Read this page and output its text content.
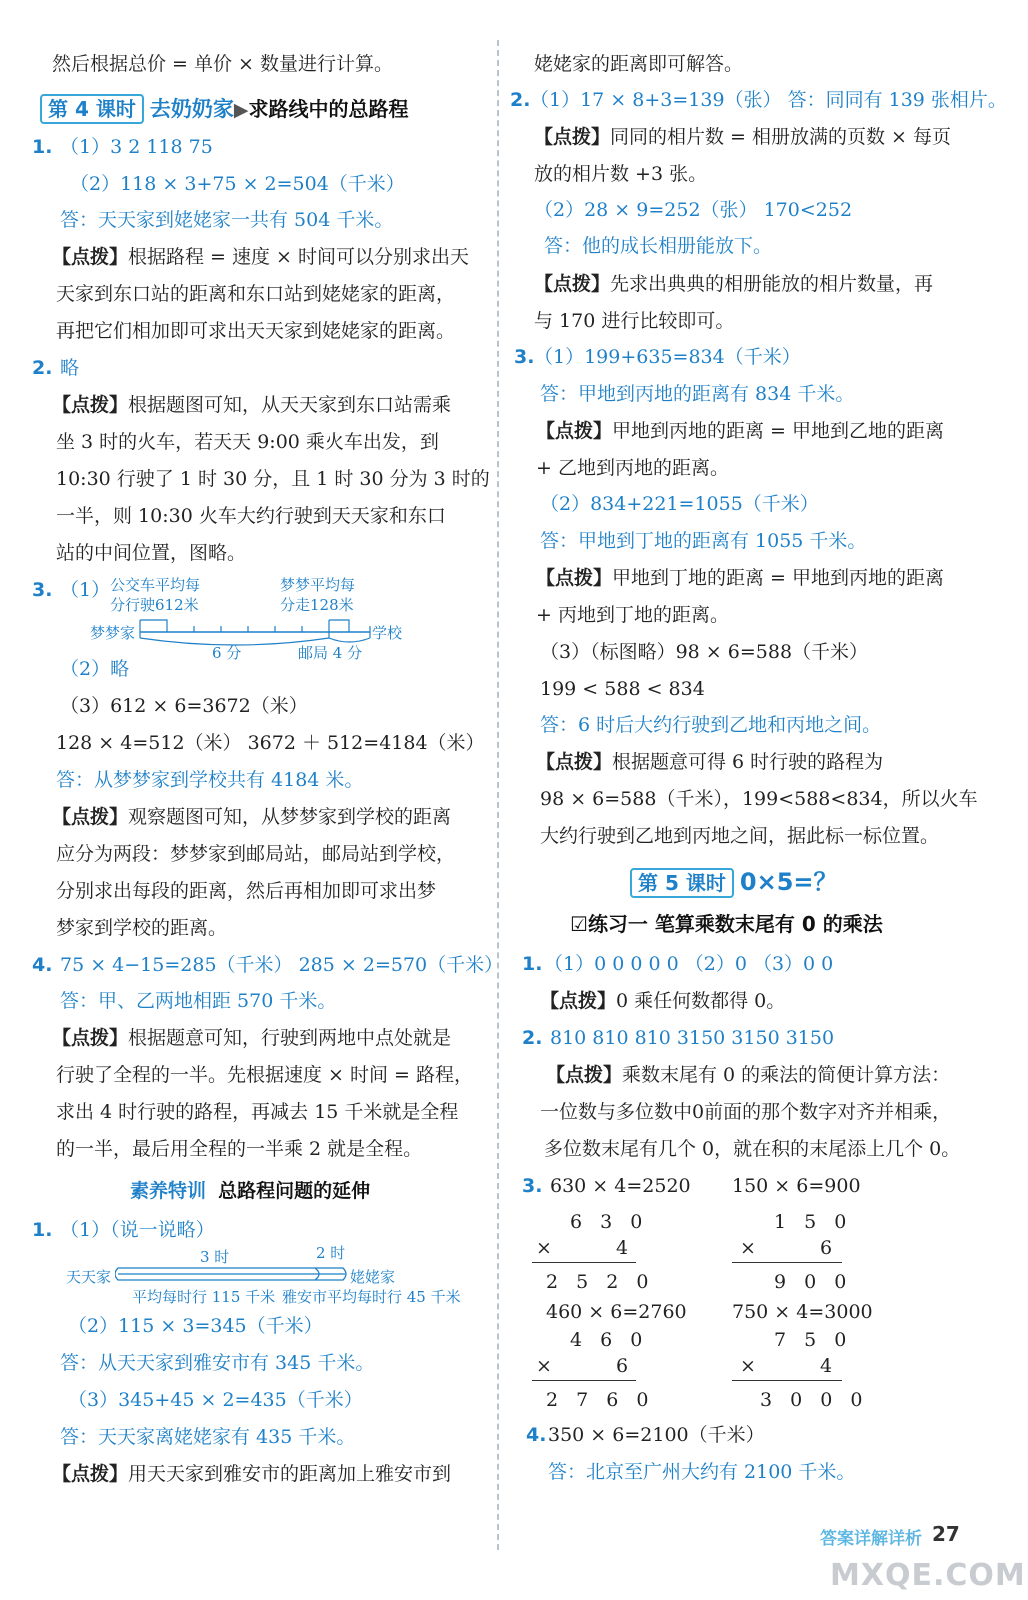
然后根据总价 = 单价 × 数量进行计算。
第 4 课时 去奶奶家▶求路线中的总路程
1. （1）3 2 118 75
（2）118 × 3+75 × 2=504（千米）
答：天天家到姥姥家一共有 504 千米。
【点拨】根据路程 = 速度 × 时间可以分别求出天
天家到东口站的距离和东口站到姥姥家的距离，
再把它们相加即可求出天天家到姥姥家的距离。
2. 略
【点拨】根据题图可知，从天天家到东口站需乘
坐 3 时的火车，若天天 9:00 乘火车出发，到
10:30 行驶了 1 时 30 分，且 1 时 30 分为 3 时的
一半，则 10:30 火车大约行驶到天天家和东口
站的中间位置，图略。
3. （1） 公交车平均每
分行驶612米
梦梦平均每
分走128米
梦梦家	学校
6 分	邮局 4 分
（2）略
（3）612 × 6=3672（米）
128 × 4=512（米） 3672 ＋ 512=4184（米）
答：从梦梦家到学校共有 4184 米。
【点拨】观察题图可知，从梦梦家到学校的距离
应分为两段：梦梦家到邮局站，邮局站到学校，
分别求出每段的距离，然后再相加即可求出梦
梦家到学校的距离。
4. 75 × 4−15=285（千米） 285 × 2=570（千米）
答：甲、乙两地相距 570 千米。
【点拨】根据题意可知，行驶到两地中点处就是
行驶了全程的一半。先根据速度 × 时间 = 路程，
求出 4 时行驶的路程，再减去 15 千米就是全程
的一半，最后用全程的一半乘 2 就是全程。
素养特训 总路程问题的延伸
1. （1）（说一说略）
3 时	2 时
天天家	姥姥家
平均每时行 115 千米 雅安市平均每时行 45 千米
（2）115 × 3=345（千米）
答：从天天家到雅安市有 345 千米。
（3）345+45 × 2=435（千米）
答：天天家离姥姥家有 435 千米。
【点拨】用天天家到雅安市的距离加上雅安市到
姥姥家的距离即可解答。
2. （1）17 × 8+3=139（张） 答：同同有 139 张相片。
【点拨】同同的相片数 = 相册放满的页数 × 每页
放的相片数 +3 张。
（2）28 × 9=252（张） 170<252
答：他的成长相册能放下。
【点拨】先求出典典的相册能放的相片数量，再
与 170 进行比较即可。
3. （1）199+635=834（千米）
答：甲地到丙地的距离有 834 千米。
【点拨】甲地到丙地的距离 = 甲地到乙地的距离
+ 乙地到丙地的距离。
（2）834+221=1055（千米）
答：甲地到丁地的距离有 1055 千米。
【点拨】甲地到丁地的距离 = 甲地到丙地的距离
+ 丙地到丁地的距离。
（3）（标图略）98 × 6=588（千米）
199 < 588 < 834
答：6 时后大约行驶到乙地和丙地之间。
【点拨】根据题意可得 6 时行驶的路程为
98 × 6=588（千米），199<588<834，所以火车
大约行驶到乙地到丙地之间，据此标一标位置。
第 5 课时 0×5=？
☑练习一 笔算乘数末尾有 0 的乘法
1. （1）0 0 0 0 0 （2）0 （3）0 0
【点拨】0 乘任何数都得 0。
2. 810 810 810 3150 3150 3150
【点拨】乘数末尾有 0 的乘法的简便计算方法：
一位数与多位数中0前面的那个数字对齐并相乘，
多位数末尾有几个 0，就在积的末尾添上几个 0。
3. 630 × 4=2520 150 × 6=900
6 3 0
×	4
2 5 2 0
1 5 0
×	6
9 0 0
460 × 6=2760 750 × 4=3000
4 6 0
×	6
2 7 6 0
7 5 0
×	4
3 0 0 0
4. 350 × 6=2100（千米）
答：北京至广州大约有 2100 千米。
答案详解详析 27
MXQE.COM
